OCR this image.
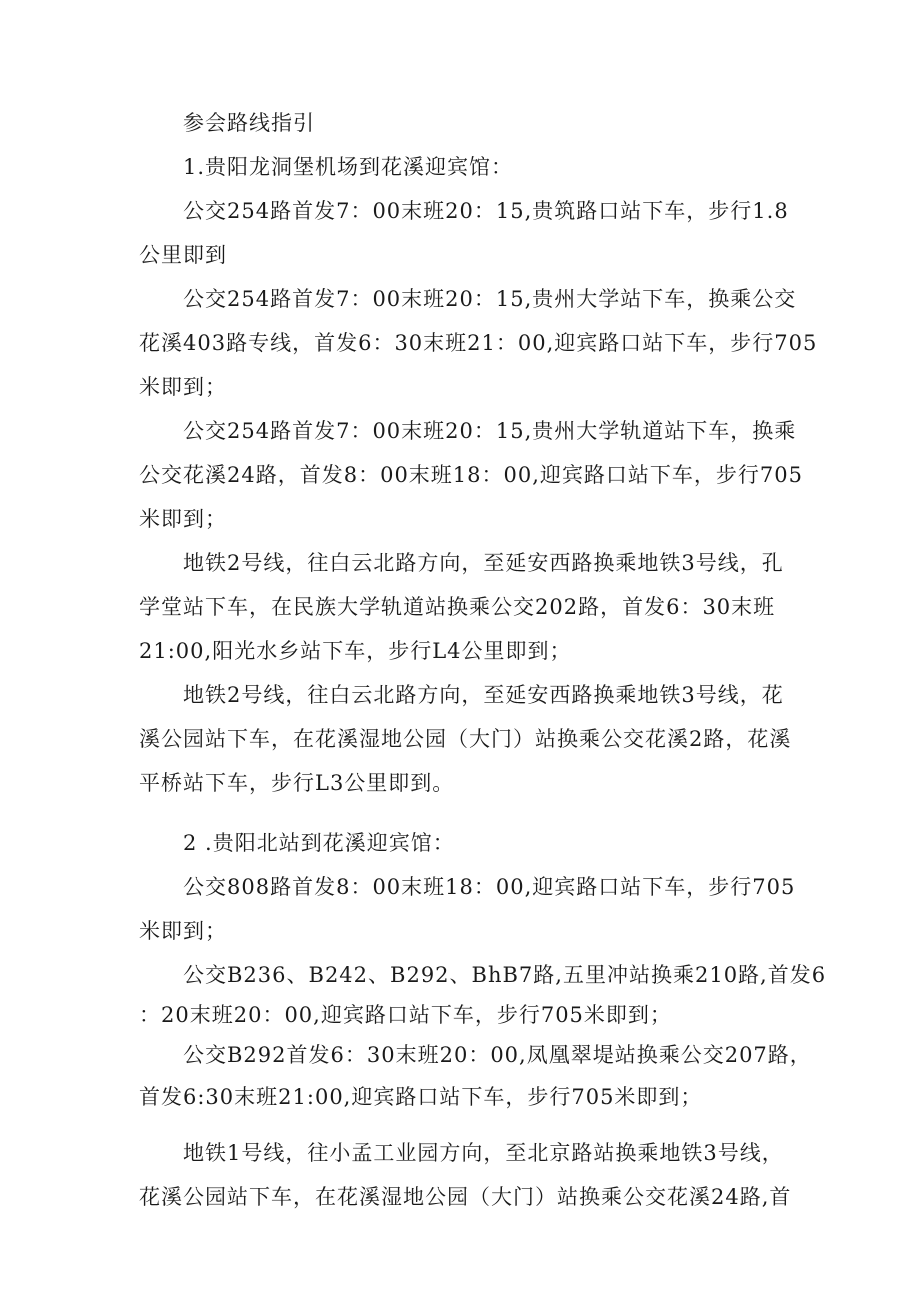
参会路线指引
1.贵阳龙洞堡机场到花溪迎宾馆：
公交254路首发7：00末班20：15,贵筑路口站下车，步行1.8
公里即到
公交254路首发7：00末班20：15,贵州大学站下车，换乘公交
花溪403路专线，首发6：30末班21：00,迎宾路口站下车，步行705
米即到；
公交254路首发7：00末班20：15,贵州大学轨道站下车，换乘
公交花溪24路，首发8：00末班18：00,迎宾路口站下车，步行705
米即到；
地铁2号线，往白云北路方向，至延安西路换乘地铁3号线，孔
学堂站下车，在民族大学轨道站换乘公交202路，首发6：30末班
21:00,阳光水乡站下车，步行L4公里即到；
地铁2号线，往白云北路方向，至延安西路换乘地铁3号线，花
溪公园站下车，在花溪湿地公园（大门）站换乘公交花溪2路，花溪
平桥站下车，步行L3公里即到。
2 .贵阳北站到花溪迎宾馆：
公交808路首发8：00末班18：00,迎宾路口站下车，步行705
米即到；
公交B236、B242、B292、BhB7路,五里冲站换乘210路,首发6
：20末班20：00,迎宾路口站下车，步行705米即到；
公交B292首发6：30末班20：00,凤凰翠堤站换乘公交207路，
首发6:30末班21:00,迎宾路口站下车，步行705米即到；
地铁1号线，往小孟工业园方向，至北京路站换乘地铁3号线，
花溪公园站下车，在花溪湿地公园（大门）站换乘公交花溪24路,首
